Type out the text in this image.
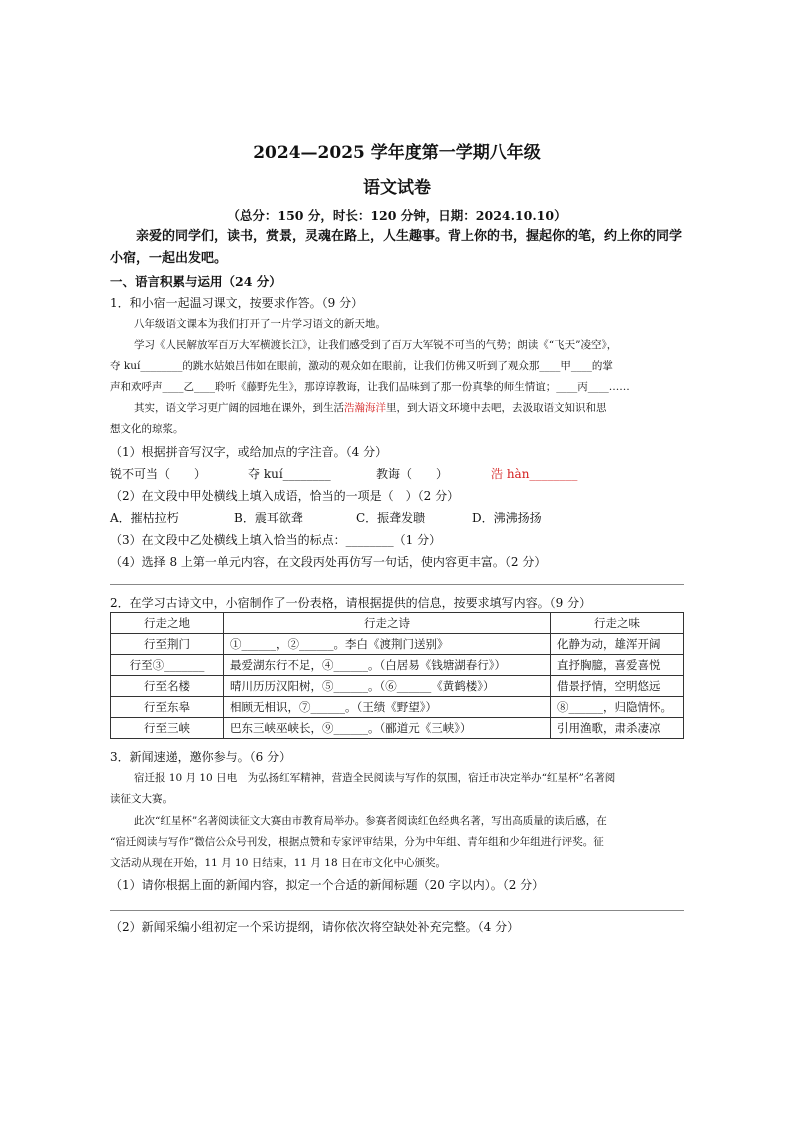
2024—2025 学年度第一学期八年级
语文试卷
（总分：150 分，时长：120 分钟，日期：2024.10.10）
亲爱的同学们，读书，赏景，灵魂在路上，人生趣事。背上你的书，握起你的笔，约上你的同学小宿，一起出发吧。
一、语言积累与运用（24 分）
1．和小宿一起温习课文，按要求作答。（9 分）
八年级语文课本为我们打开了一片学习语文的新天地。
学习《人民解放军百万大军横渡长江》，让我们感受到了百万大军锐不可当的气势；朗读《“飞天”凌空》，
夺 kuí________的跳水姑娘吕伟如在眼前，激动的观众如在眼前，让我们仿佛又听到了观众那____甲____的掌
声和欢呼声____乙____聆听《藤野先生》，那谆谆教诲，让我们品味到了那一份真挚的师生情谊；____丙____……
其实，语文学习更广阔的园地在课外，到生活浩瀚海洋里，到大语文环境中去吧，去汲取语文知识和思
想文化的琼浆。
（1）根据拼音写汉字，或给加点的字注音。（4 分）
锐不可当（　　）	夺 kuí________	教诲（　　）	浩 hàn________
（2）在文段中甲处横线上填入成语，恰当的一项是（　）（2 分）
A．摧枯拉朽	B．震耳欲聋	C．振聋发聩	D．沸沸扬扬
（3）在文段中乙处横线上填入恰当的标点：________（1 分）
（4）选择 8 上第一单元内容，在文段丙处再仿写一句话，使内容更丰富。（2 分）
2．在学习古诗文中，小宿制作了一份表格，请根据提供的信息，按要求填写内容。（9 分）
行走之地	行走之诗	行走之味
行至荆门	①______，②______。李白《渡荆门送别》	化静为动，雄浑开阔
行至③_______	最爱湖东行不足，④______。（白居易《钱塘湖春行》）	直抒胸臆，喜爱喜悦
行至名楼	晴川历历汉阳树，⑤______。（⑥______《黄鹤楼》）	借景抒情，空明悠远
行至东皋	相顾无相识，⑦______。（王绩《野望》）	⑧______，归隐情怀。
行至三峡	巴东三峡巫峡长，⑨______。（郦道元《三峡》）	引用渔歌，肃杀凄凉
3．新闻速递，邀你参与。（6 分）
宿迁报 10 月 10 日电　为弘扬红军精神，营造全民阅读与写作的氛围，宿迁市决定举办“红星杯”名著阅
读征文大赛。
此次“红星杯”名著阅读征文大赛由市教育局举办。参赛者阅读红色经典名著，写出高质量的读后感，在
“宿迁阅读与写作”微信公众号刊发，根据点赞和专家评审结果，分为中年组、青年组和少年组进行评奖。征
文活动从现在开始，11 月 10 日结束，11 月 18 日在市文化中心颁奖。
（1）请你根据上面的新闻内容，拟定一个合适的新闻标题（20 字以内）。（2 分）
（2）新闻采编小组初定一个采访提纲，请你依次将空缺处补充完整。（4 分）
